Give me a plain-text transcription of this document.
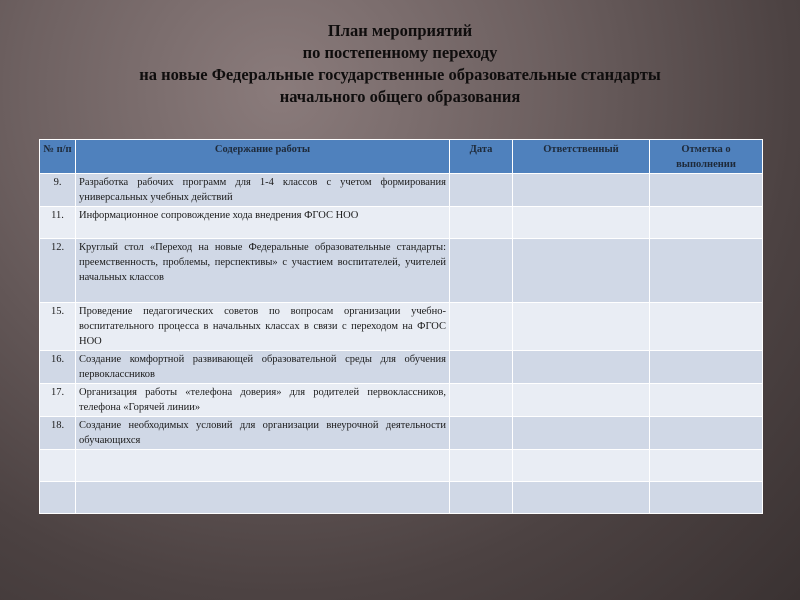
План мероприятий
по постепенному переходу
на новые Федеральные государственные образовательные стандарты
начального общего образования
№ п/п	Содержание работы	Дата	Ответственный	Отметка о выполнении
9.	Разработка рабочих программ для 1-4 классов с учетом формирования универсальных учебных действий			
11.	Информационное сопровождение хода внедрения ФГОС НОО			
12.	Круглый стол «Переход на новые Федеральные образовательные стандарты: преемственность, проблемы, перспективы» с участием воспитателей, учителей начальных классов			
15.	Проведение педагогических советов по вопросам организации учебно-воспитательного процесса в начальных классах в связи с переходом на ФГОС НОО			
16.	Создание комфортной развивающей образовательной среды для обучения первоклассников			
17.	Организация работы «телефона доверия» для родителей первоклассников, телефона «Горячей линии»			
18.	Создание необходимых условий для организации внеурочной деятельности обучающихся			
